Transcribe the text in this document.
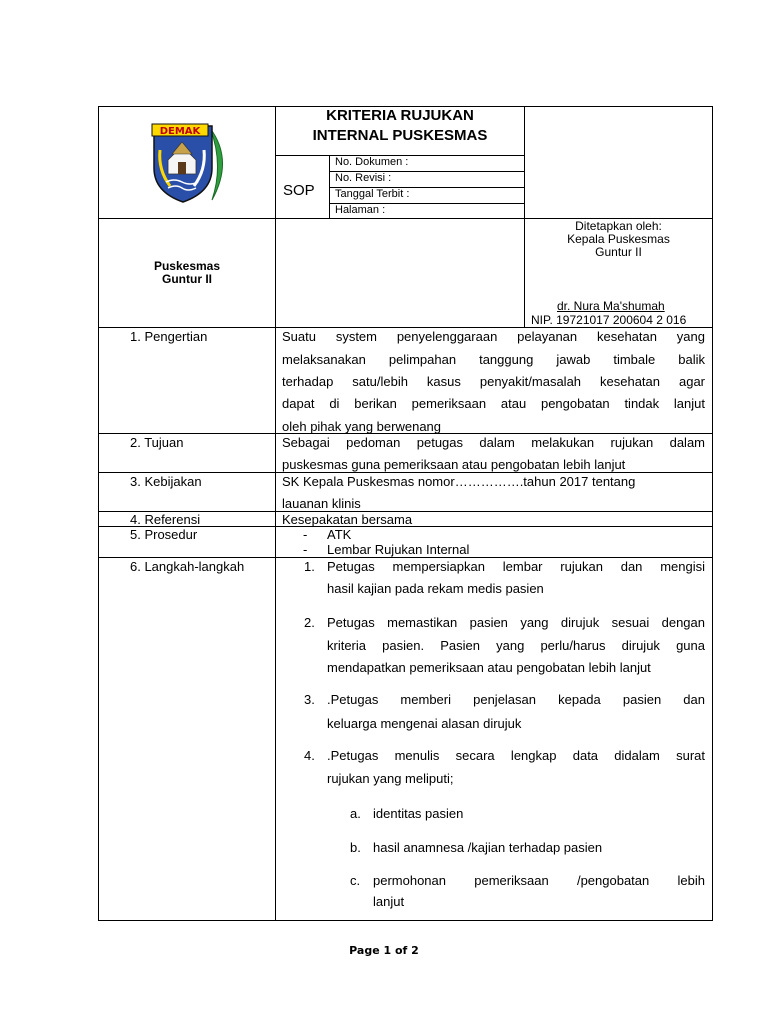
DEMAK
KRITERIA RUJUKAN
INTERNAL PUSKESMAS
SOP
No. Dokumen :
No. Revisi :
Tanggal Terbit :
Halaman :
Puskesmas
Guntur II
Ditetapkan oleh:
Kepala Puskesmas
Guntur II
dr. Nura Ma'shumah
NIP. 19721017 200604 2 016
1. Pengertian	Suatu system penyelenggaraan pelayanan kesehatan yang
melaksanakan pelimpahan tanggung jawab timbale balik
terhadap satu/lebih kasus penyakit/masalah kesehatan agar
dapat di berikan pemeriksaan atau pengobatan tindak lanjut
oleh pihak yang berwenang
2. Tujuan	Sebagai pedoman petugas dalam melakukan rujukan dalam
puskesmas guna pemeriksaan atau pengobatan lebih lanjut
3. Kebijakan	SK Kepala Puskesmas nomor…………….tahun 2017 tentang
lauanan klinis
4. Referensi	Kesepakatan bersama
5. Prosedur	- ATK
- Lembar Rujukan Internal
6. Langkah-langkah	1. Petugas mempersiapkan lembar rujukan dan mengisi
hasil kajian pada rekam medis pasien
2. Petugas memastikan pasien yang dirujuk sesuai dengan
kriteria pasien. Pasien yang perlu/harus dirujuk guna
mendapatkan pemeriksaan atau pengobatan lebih lanjut
3. .Petugas memberi penjelasan kepada pasien dan
keluarga mengenai alasan dirujuk
4. .Petugas menulis secara lengkap data didalam surat
rujukan yang meliputi;
a. identitas pasien
b. hasil anamnesa /kajian terhadap pasien
c. permohonan pemeriksaan /pengobatan lebih
lanjut
Page 1 of 2
